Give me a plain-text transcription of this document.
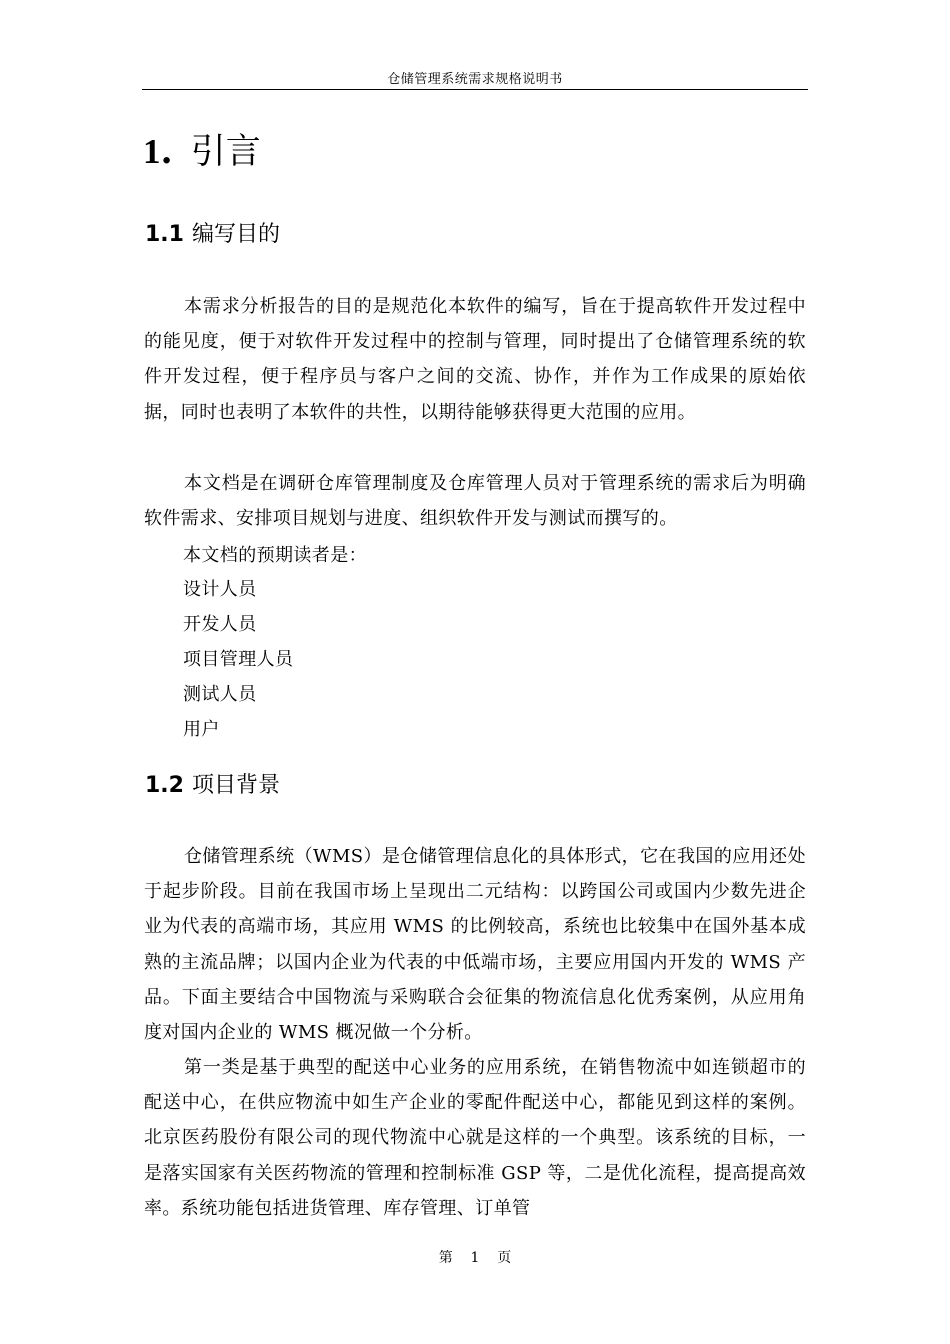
仓储管理系统需求规格说明书
1. 引言
1.1 编写目的
本需求分析报告的目的是规范化本软件的编写，旨在于提高软件开发过程中的能见度，便于对软件开发过程中的控制与管理，同时提出了仓储管理系统的软件开发过程，便于程序员与客户之间的交流、协作，并作为工作成果的原始依据，同时也表明了本软件的共性，以期待能够获得更大范围的应用。
本文档是在调研仓库管理制度及仓库管理人员对于管理系统的需求后为明确软件需求、安排项目规划与进度、组织软件开发与测试而撰写的。
本文档的预期读者是：
设计人员
开发人员
项目管理人员
测试人员
用户
1.2 项目背景
仓储管理系统（WMS）是仓储管理信息化的具体形式，它在我国的应用还处于起步阶段。目前在我国市场上呈现出二元结构：以跨国公司或国内少数先进企业为代表的高端市场，其应用 WMS 的比例较高，系统也比较集中在国外基本成熟的主流品牌；以国内企业为代表的中低端市场，主要应用国内开发的 WMS 产品。下面主要结合中国物流与采购联合会征集的物流信息化优秀案例，从应用角度对国内企业的 WMS 概况做一个分析。
第一类是基于典型的配送中心业务的应用系统，在销售物流中如连锁超市的配送中心，在供应物流中如生产企业的零配件配送中心，都能见到这样的案例。北京医药股份有限公司的现代物流中心就是这样的一个典型。该系统的目标，一是落实国家有关医药物流的管理和控制标准 GSP 等，二是优化流程，提高提高效率。系统功能包括进货管理、库存管理、订单管
第    1    页
